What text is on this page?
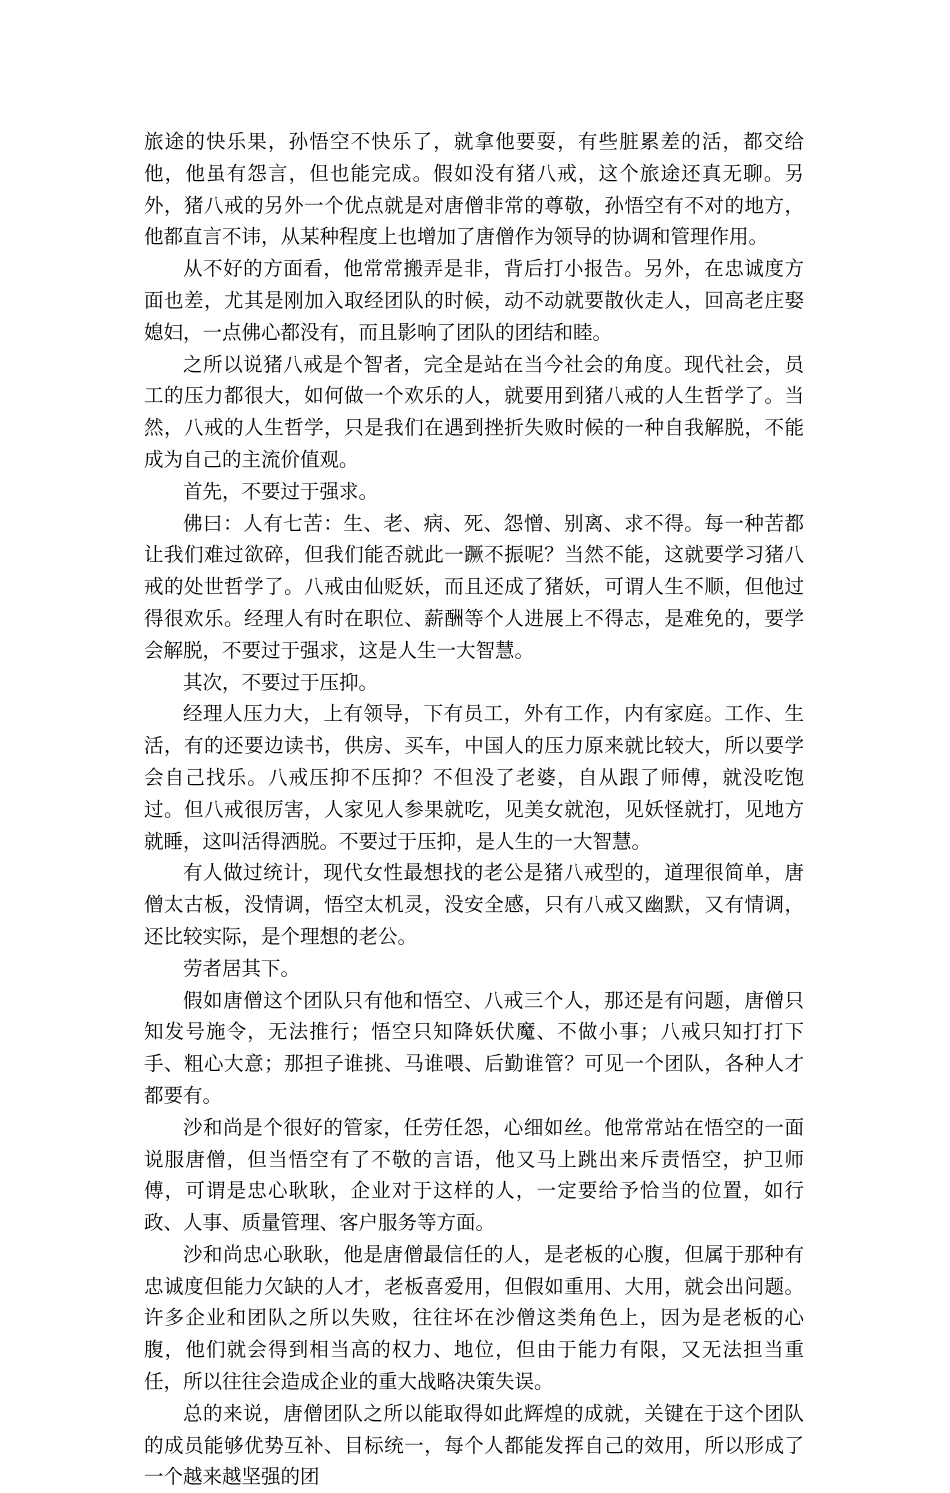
旅途的快乐果，孙悟空不快乐了，就拿他要耍，有些脏累差的活，都交给他，他虽有怨言，但也能完成。假如没有猪八戒，这个旅途还真无聊。另外，猪八戒的另外一个优点就是对唐僧非常的尊敬，孙悟空有不对的地方，他都直言不讳，从某种程度上也增加了唐僧作为领导的协调和管理作用。

从不好的方面看，他常常搬弄是非，背后打小报告。另外，在忠诚度方面也差，尤其是刚加入取经团队的时候，动不动就要散伙走人，回高老庄娶媳妇，一点佛心都没有，而且影响了团队的团结和睦。

之所以说猪八戒是个智者，完全是站在当今社会的角度。现代社会，员工的压力都很大，如何做一个欢乐的人，就要用到猪八戒的人生哲学了。当然，八戒的人生哲学，只是我们在遇到挫折失败时候的一种自我解脱，不能成为自己的主流价值观。

首先，不要过于强求。

佛曰：人有七苦：生、老、病、死、怨憎、别离、求不得。每一种苦都让我们难过欲碎，但我们能否就此一蹶不振呢？当然不能，这就要学习猪八戒的处世哲学了。八戒由仙贬妖，而且还成了猪妖，可谓人生不顺，但他过得很欢乐。经理人有时在职位、薪酬等个人进展上不得志，是难免的，要学会解脱，不要过于强求，这是人生一大智慧。

其次，不要过于压抑。

经理人压力大，上有领导，下有员工，外有工作，内有家庭。工作、生活，有的还要边读书，供房、买车，中国人的压力原来就比较大，所以要学会自己找乐。八戒压抑不压抑？不但没了老婆，自从跟了师傅，就没吃饱过。但八戒很厉害，人家见人参果就吃，见美女就泡，见妖怪就打，见地方就睡，这叫活得洒脱。不要过于压抑，是人生的一大智慧。

有人做过统计，现代女性最想找的老公是猪八戒型的，道理很简单，唐僧太古板，没情调，悟空太机灵，没安全感，只有八戒又幽默，又有情调，还比较实际，是个理想的老公。

劳者居其下。

假如唐僧这个团队只有他和悟空、八戒三个人，那还是有问题，唐僧只知发号施令，无法推行；悟空只知降妖伏魔、不做小事；八戒只知打打下手、粗心大意；那担子谁挑、马谁喂、后勤谁管？可见一个团队，各种人才都要有。

沙和尚是个很好的管家，任劳任怨，心细如丝。他常常站在悟空的一面说服唐僧，但当悟空有了不敬的言语，他又马上跳出来斥责悟空，护卫师傅，可谓是忠心耿耿，企业对于这样的人，一定要给予恰当的位置，如行政、人事、质量管理、客户服务等方面。

沙和尚忠心耿耿，他是唐僧最信任的人，是老板的心腹，但属于那种有忠诚度但能力欠缺的人才，老板喜爱用，但假如重用、大用，就会出问题。许多企业和团队之所以失败，往往坏在沙僧这类角色上，因为是老板的心腹，他们就会得到相当高的权力、地位，但由于能力有限，又无法担当重任，所以往往会造成企业的重大战略决策失误。

总的来说，唐僧团队之所以能取得如此辉煌的成就，关键在于这个团队的成员能够优势互补、目标统一，每个人都能发挥自己的效用，所以形成了一个越来越坚强的团
